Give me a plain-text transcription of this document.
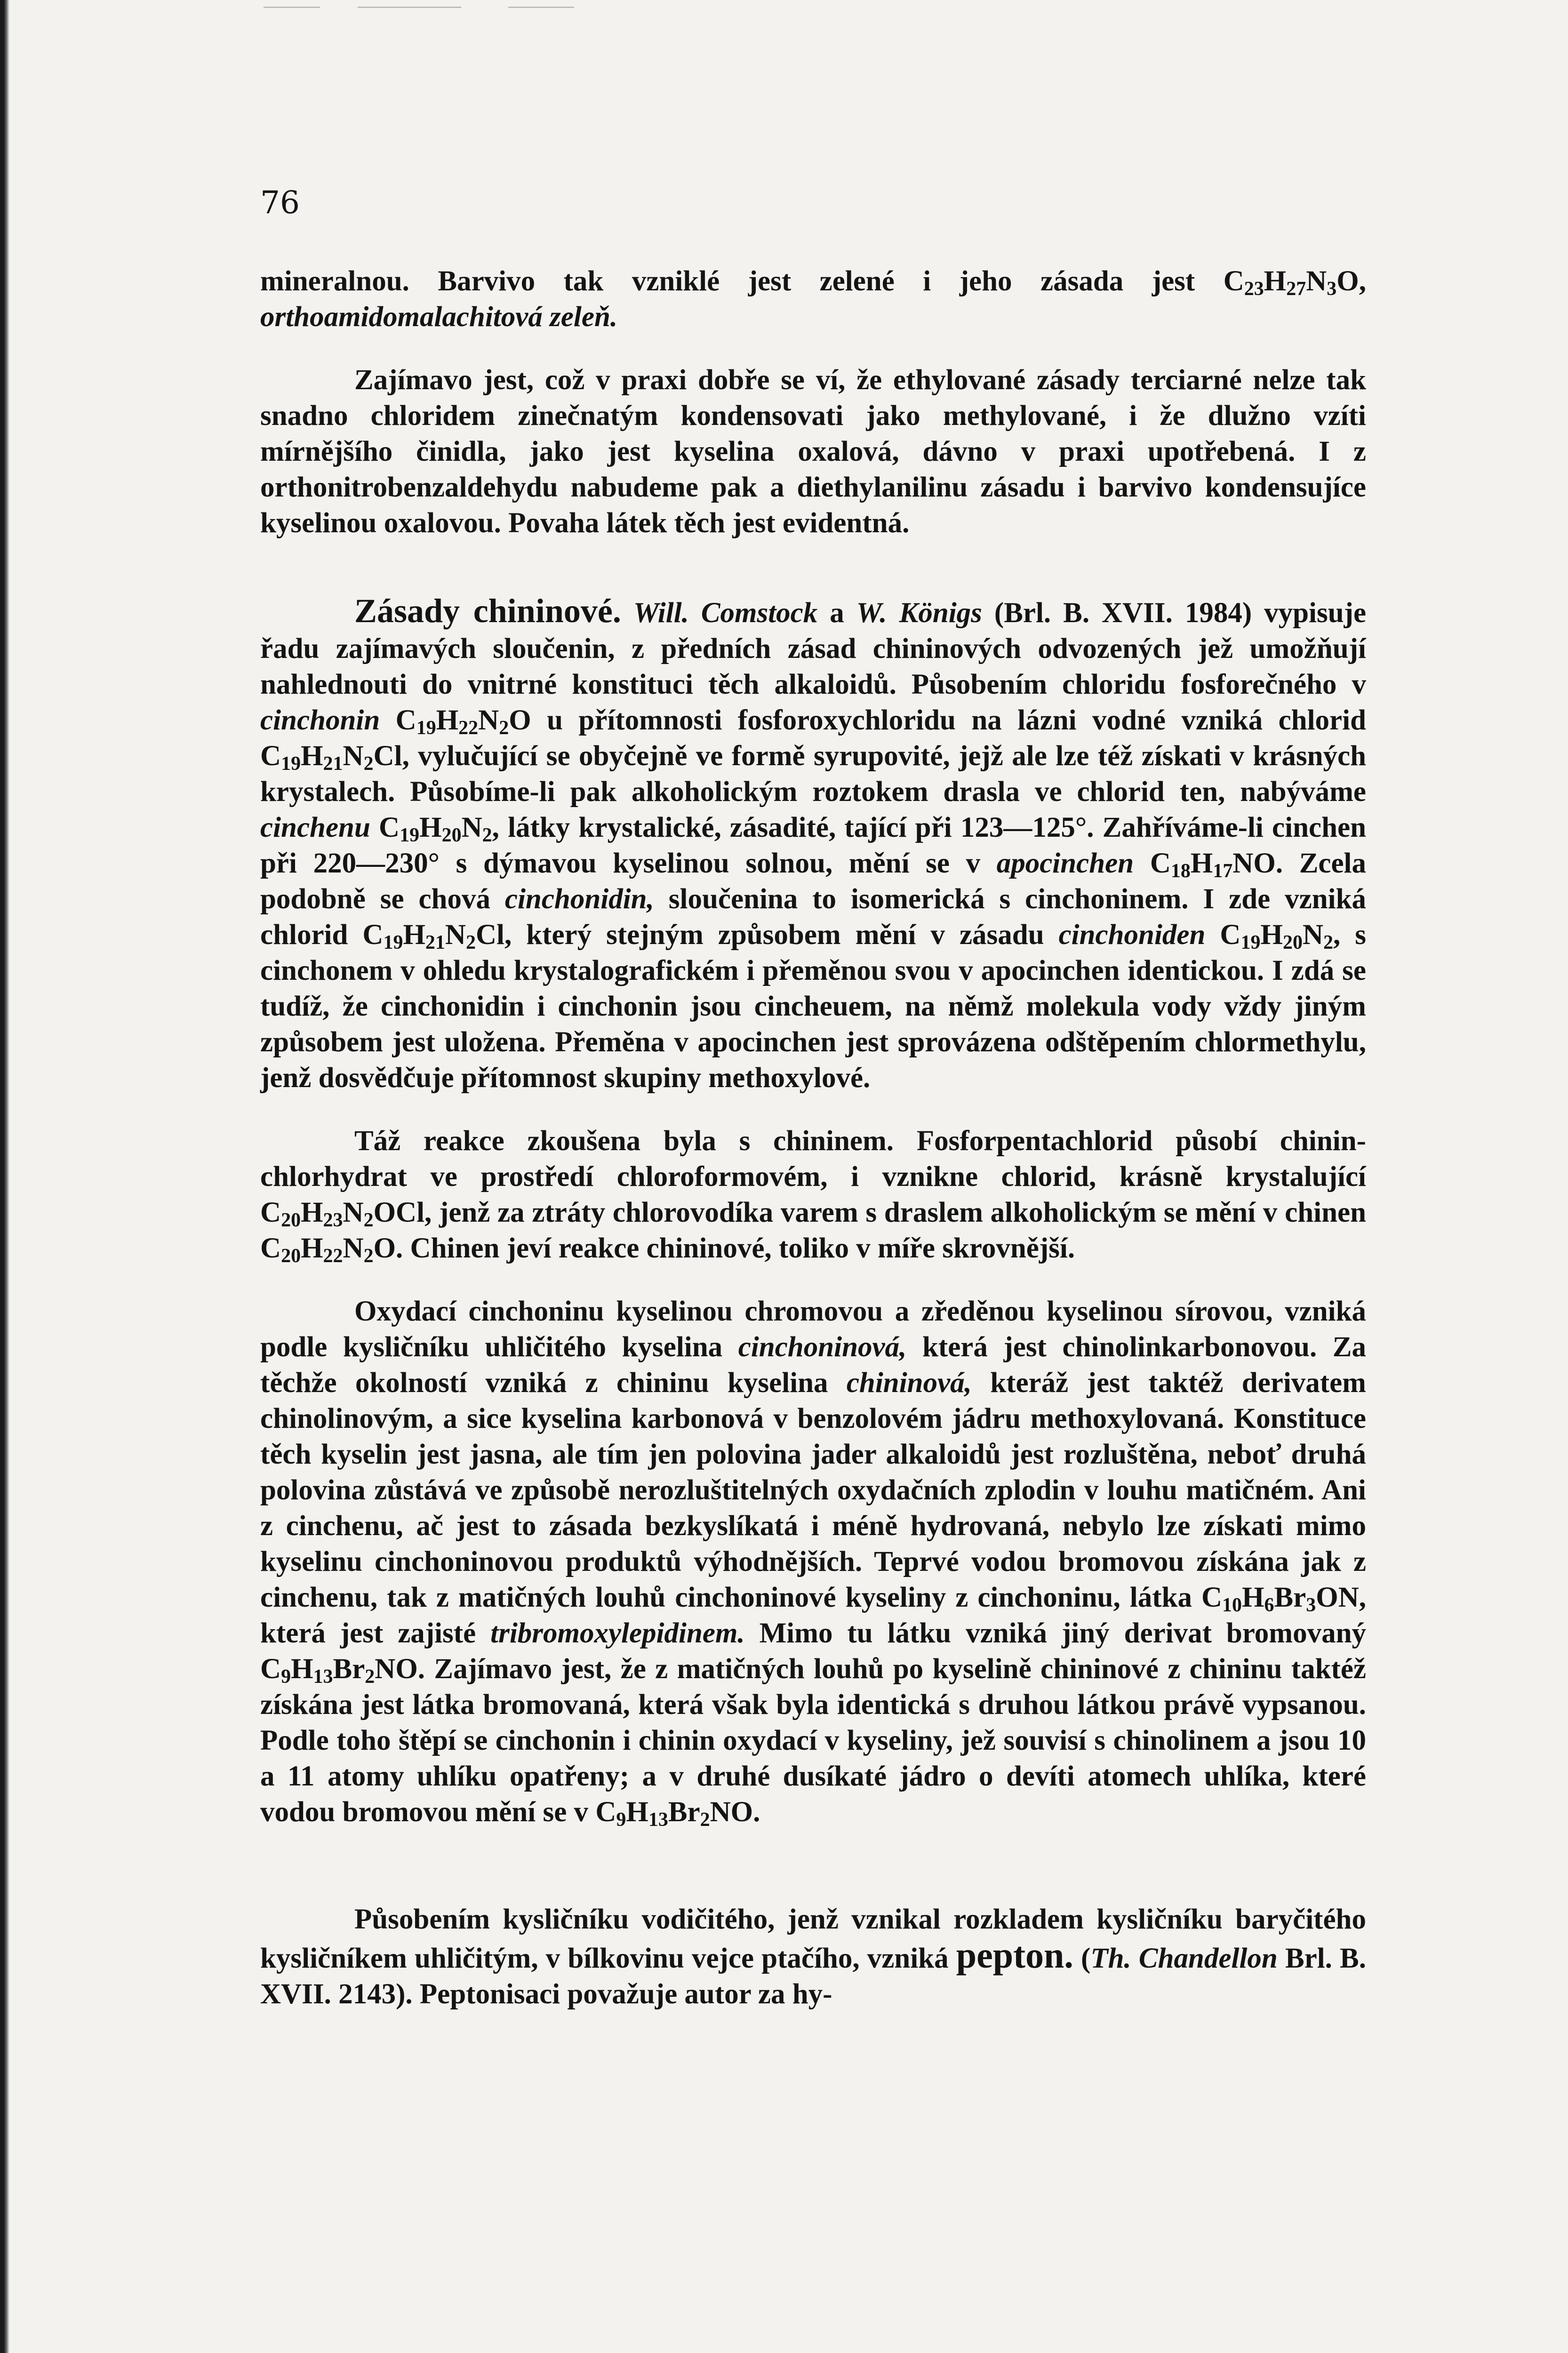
76

mineralnou. Barvivo tak vzniklé jest zelené i jeho zásada jest $C_{23}H_{27}N_3O$, orthoamidomalachitová zeleň.

Zajímavo jest, což v praxi dobře se ví, že ethylované zásady terciarné nelze tak snadno chloridem zinečnatým kondensovati jako methylované, i že dlužno vzíti mírnějšího činidla, jako jest kyselina oxalová, dávno v praxi upotřebená. I z orthonitrobenzaldehydu nabudeme pak a diethylanilinu zásadu i barvivo kondensujíce kyselinou oxalovou. Povaha látek těch jest evidentná.

Zásady chininové. Will. Comstock a W. Königs (Brl. B. XVII. 1984) vypisuje řadu zajímavých sloučenin, z předních zásad chininových odvozených jež umožňují nahlednouti do vnitrné konstituci těch alkaloidů. Působením chloridu fosforečného v cinchonin $C_{19}H_{22}N_2O$ u přítomnosti fosforoxychloridu na lázni vodné vzniká chlorid $C_{19}H_{21}N_2Cl$, vylučující se obyčejně ve formě syrupovité, jejž ale lze též získati v krásných krystalech. Působíme-li pak alkoholickým roztokem drasla ve chlorid ten, nabýváme cinchenu $C_{19}H_{20}N_2$, látky krystalické, zásadité, tající při 123—125°. Zahříváme-li cinchen při 220—230° s dýmavou kyselinou solnou, mění se v apocinchen $C_{18}H_{17}NO$. Zcela podobně se chová cinchonidin, sloučenina to isomerická s cinchoninem. I zde vzniká chlorid $C_{19}H_{21}N_2Cl$, který stejným způsobem mění v zásadu cinchoniden $C_{19}H_{20}N_2$, s cinchonem v ohledu krystalografickém i přeměnou svou v apocinchen identickou. I zdá se tudíž, že cinchonidin i cinchonin jsou cincheuem, na němž molekula vody vždy jiným způsobem jest uložena. Přeměna v apocinchen jest sprovázena odštěpením chlormethylu, jenž dosvědčuje přítomnost skupiny methoxylové.

Táž reakce zkoušena byla s chininem. Fosforpentachlorid působí chinin-chlorhydrat ve prostředí chloroformovém, i vznikne chlorid, krásně krystalující $C_{20}H_{23}N_2OCl$, jenž za ztráty chlorovodíka varem s draslem alkoholickým se mění v chinen $C_{20}H_{22}N_2O$. Chinen jeví reakce chininové, toliko v míře skrovnější.

Oxydací cinchoninu kyselinou chromovou a zředěnou kyselinou sírovou, vzniká podle kysličníku uhličitého kyselina cinchoninová, která jest chinolinkarbonovou. Za těchže okolností vzniká z chininu kyselina chininová, kteráž jest taktéž derivatem chinolinovým, a sice kyselina karbonová v benzolovém jádru methoxylovaná. Konstituce těch kyselin jest jasna, ale tím jen polovina jader alkaloidů jest rozluštěna, neboť druhá polovina zůstává ve způsobě nerozluštitelných oxydačních zplodin v louhu matičném. Ani z cinchenu, ač jest to zásada bezkyslíkatá i méně hydrovaná, nebylo lze získati mimo kyselinu cinchoninovou produktů výhodnějších. Teprvé vodou bromovou získána jak z cinchenu, tak z matičných louhů cinchoninové kyseliny z cinchoninu, látka $C_{10}H_6Br_3ON$, která jest zajisté tribromoxylepidinem. Mimo tu látku vzniká jiný derivat bromovaný $C_9H_{13}Br_2NO$. Zajímavo jest, že z matičných louhů po kyselině chininové z chininu taktéž získána jest látka bromovaná, která však byla identická s druhou látkou právě vypsanou. Podle toho štěpí se cinchonin i chinin oxydací v kyseliny, jež souvisí s chinolinem a jsou 10 a 11 atomy uhlíku opatřeny; a v druhé dusíkaté jádro o devíti atomech uhlíka, které vodou bromovou mění se v $C_9H_{13}Br_2NO$.

Působením kysličníku vodičitého, jenž vznikal rozkladem kysličníku baryčitého kysličníkem uhličitým, v bílkovinu vejce ptačího, vzniká pepton. (Th. Chandellon Brl. B. XVII. 2143). Peptonisaci považuje autor za hy-
